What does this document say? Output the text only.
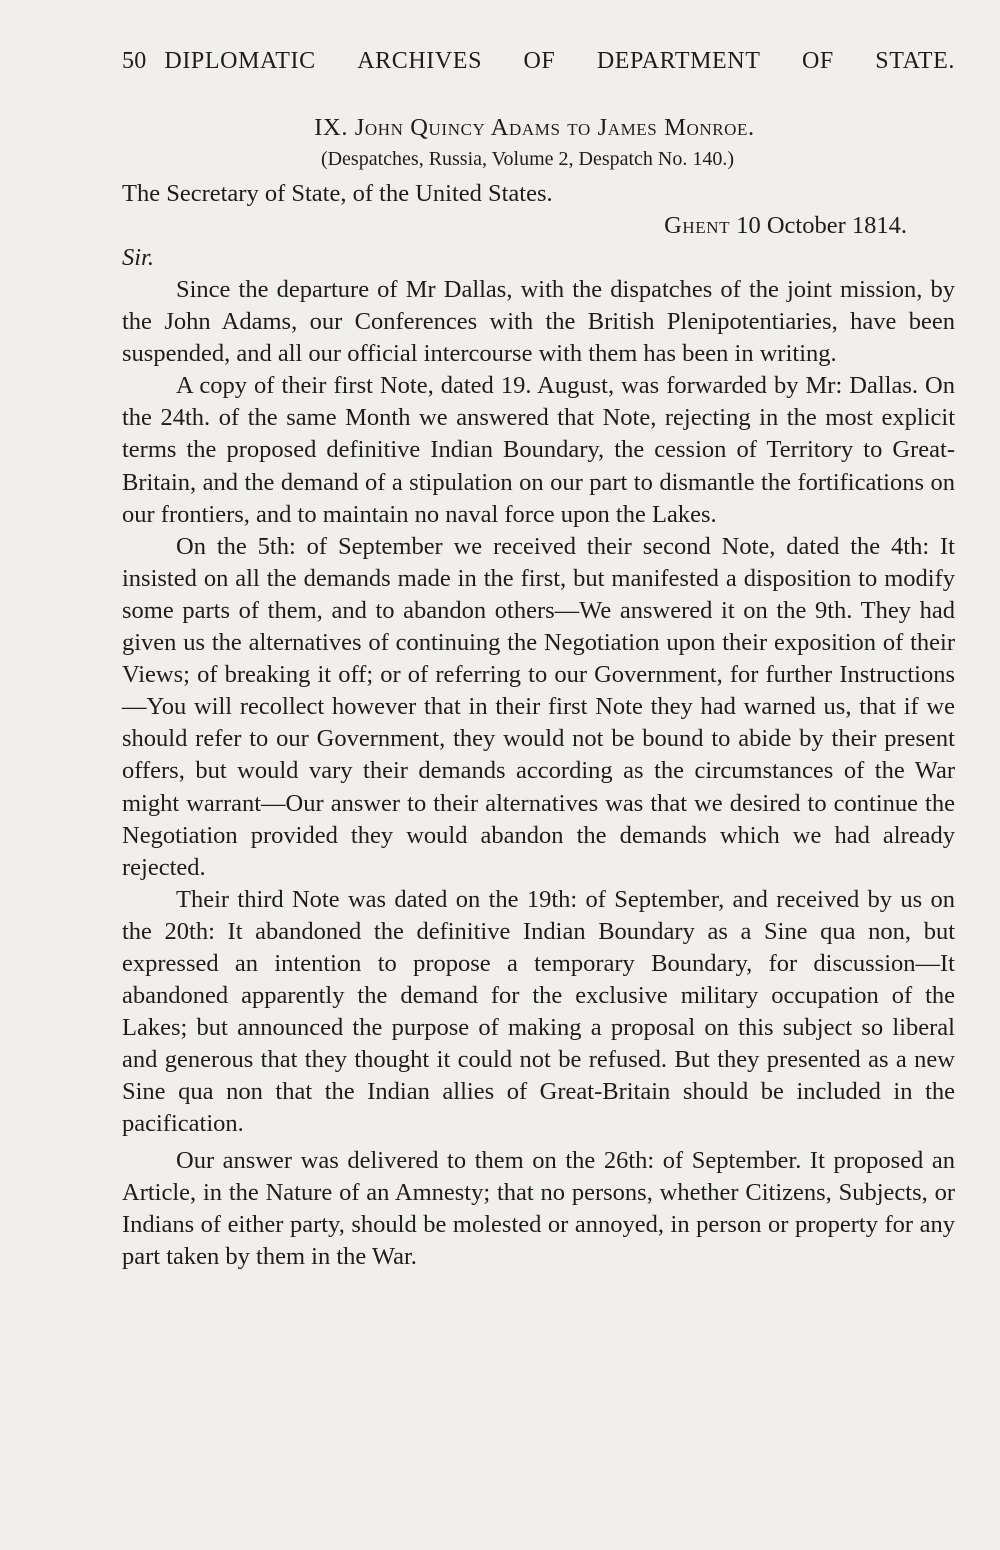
50 DIPLOMATIC ARCHIVES OF DEPARTMENT OF STATE.
IX. John Quincy Adams to James Monroe.
(Despatches, Russia, Volume 2, Despatch No. 140.)
The Secretary of State, of the United States.
Ghent 10 October 1814.
Sir.

Since the departure of Mr Dallas, with the dispatches of the joint mission, by the John Adams, our Conferences with the British Plenipotentiaries, have been suspended, and all our official intercourse with them has been in writing.

A copy of their first Note, dated 19. August, was forwarded by Mr: Dallas. On the 24th. of the same Month we answered that Note, rejecting in the most explicit terms the proposed definitive Indian Boundary, the cession of Territory to Great-Britain, and the demand of a stipulation on our part to dismantle the fortifications on our frontiers, and to maintain no naval force upon the Lakes.

On the 5th: of September we received their second Note, dated the 4th: It insisted on all the demands made in the first, but manifested a disposition to modify some parts of them, and to abandon others—We answered it on the 9th. They had given us the alternatives of continuing the Negotiation upon their exposition of their Views; of breaking it off; or of referring to our Government, for further Instructions—You will recollect however that in their first Note they had warned us, that if we should refer to our Government, they would not be bound to abide by their present offers, but would vary their demands according as the circumstances of the War might warrant—Our answer to their alternatives was that we desired to continue the Negotiation provided they would abandon the demands which we had already rejected.

Their third Note was dated on the 19th: of September, and received by us on the 20th: It abandoned the definitive Indian Boundary as a Sine qua non, but expressed an intention to propose a temporary Boundary, for discussion—It abandoned apparently the demand for the exclusive military occupation of the Lakes; but announced the purpose of making a proposal on this subject so liberal and generous that they thought it could not be refused. But they presented as a new Sine qua non that the Indian allies of Great-Britain should be included in the pacification.

Our answer was delivered to them on the 26th: of September. It proposed an Article, in the Nature of an Amnesty; that no persons, whether Citizens, Subjects, or Indians of either party, should be molested or annoyed, in person or property for any part taken by them in the War.
